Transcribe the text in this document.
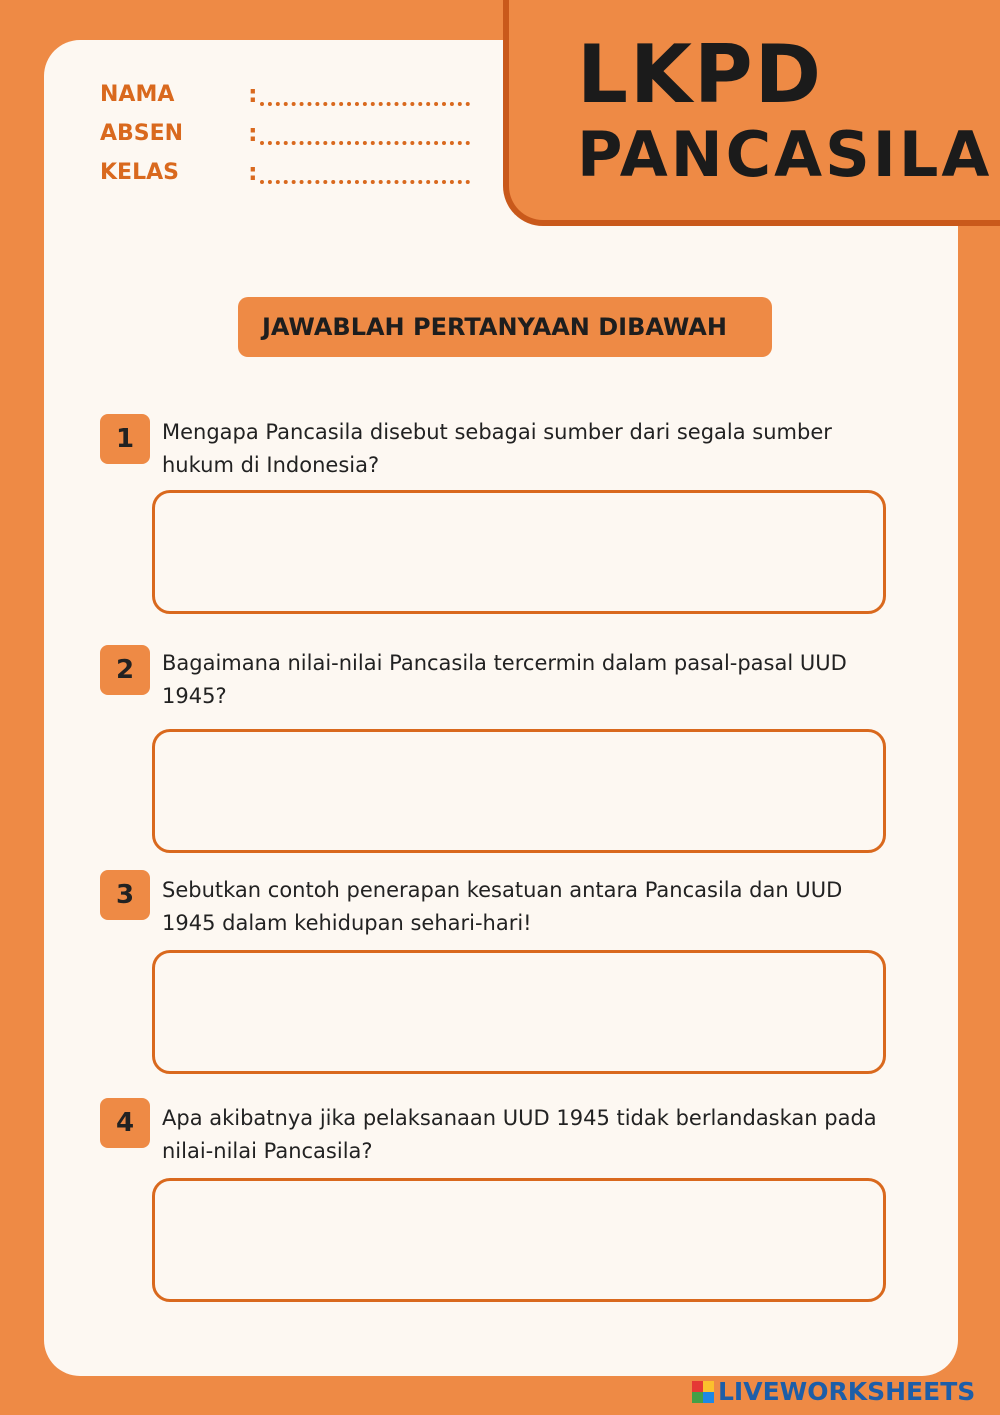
LKPD
PANCASILA
NAMA	:
ABSEN	:
KELAS	:
JAWABLAH PERTANYAAN DIBAWAH
1	Mengapa Pancasila disebut sebagai sumber dari segala sumber hukum di Indonesia?
2	Bagaimana nilai-nilai Pancasila tercermin dalam pasal-pasal UUD 1945?
3	Sebutkan contoh penerapan kesatuan antara Pancasila dan UUD 1945 dalam kehidupan sehari-hari!
4	Apa akibatnya jika pelaksanaan UUD 1945 tidak berlandaskan pada nilai-nilai Pancasila?
LIVEWORKSHEETS
